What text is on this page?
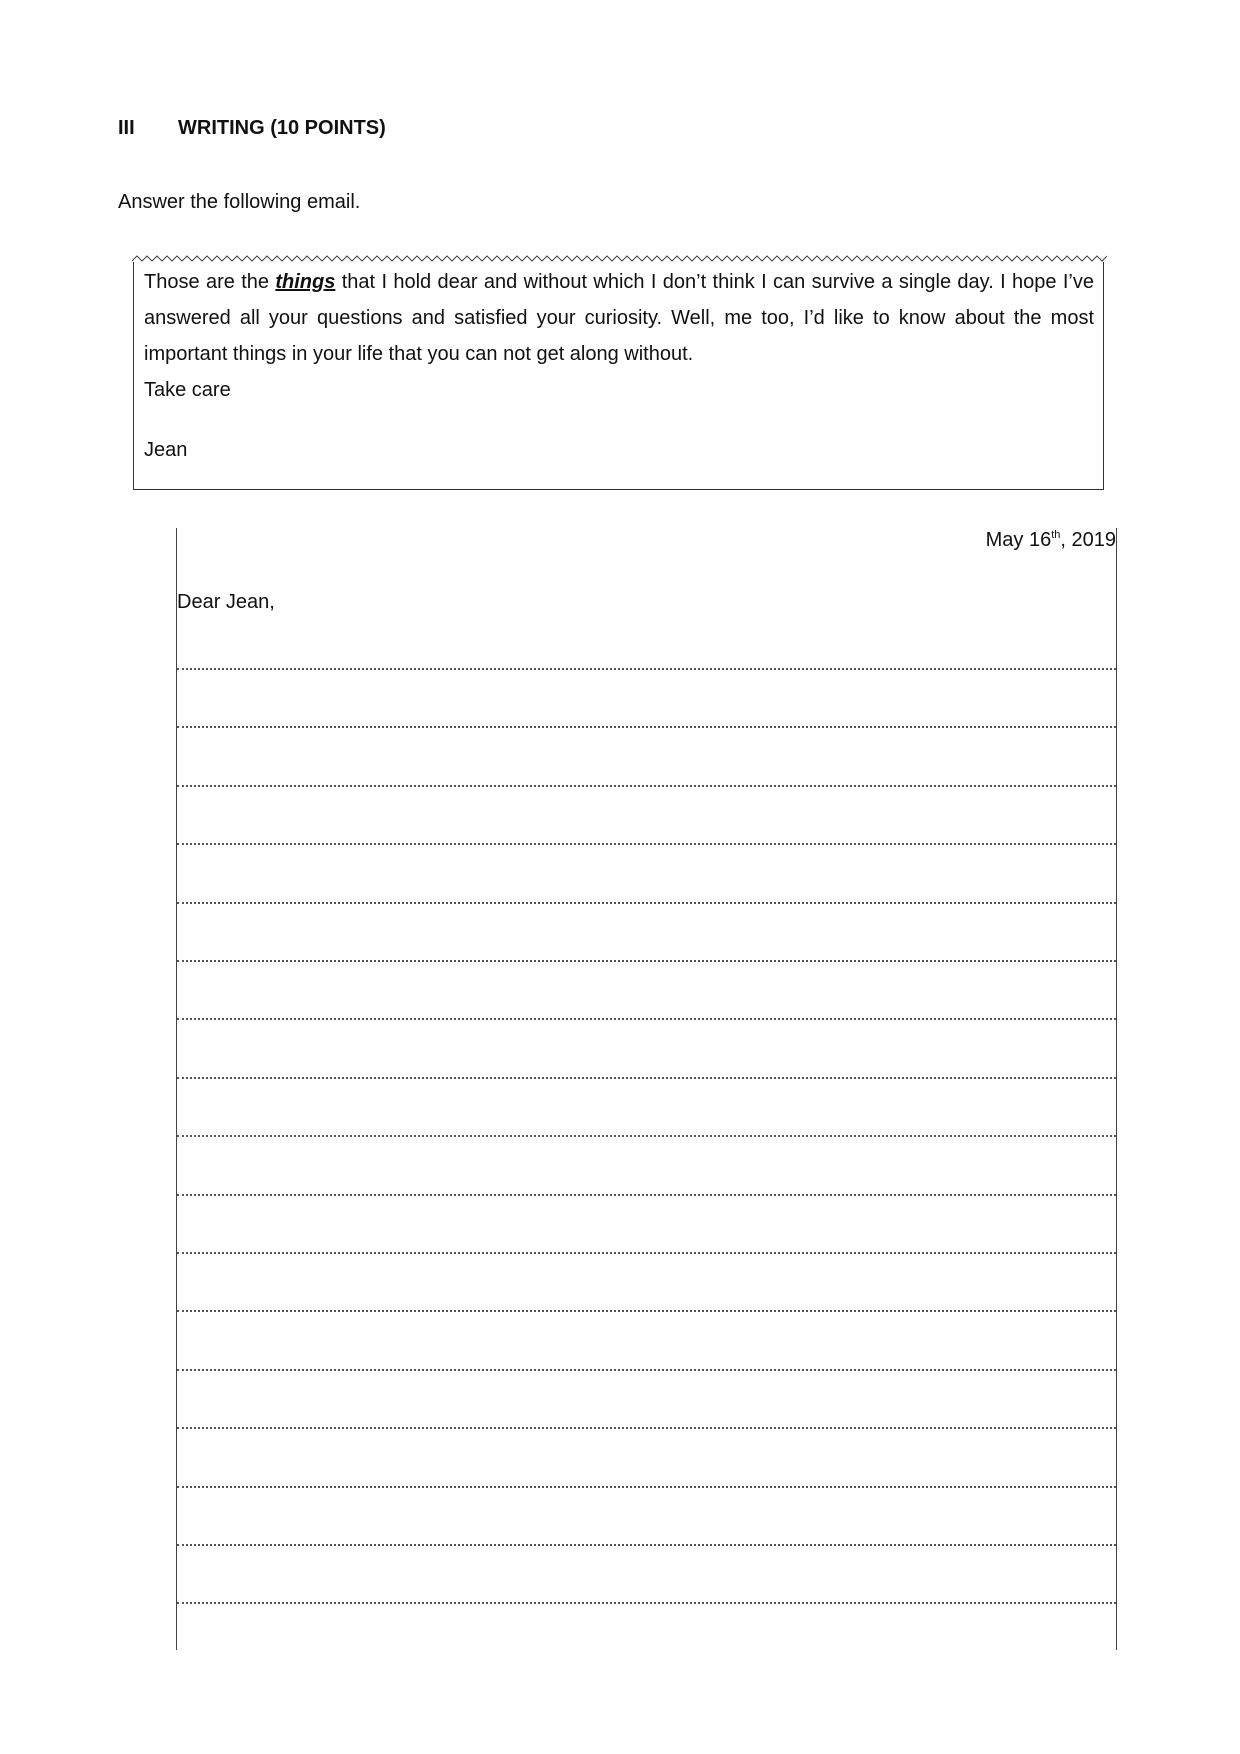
III WRITING (10 POINTS)
Answer the following email.

Those are the things that I hold dear and without which I don’t think I can survive a single day. I hope I’ve answered all your questions and satisfied your curiosity. Well, me too, I’d like to know about the most important things in your life that you can not get along without.

Take care

Jean

May 16th, 2019
Dear Jean,
